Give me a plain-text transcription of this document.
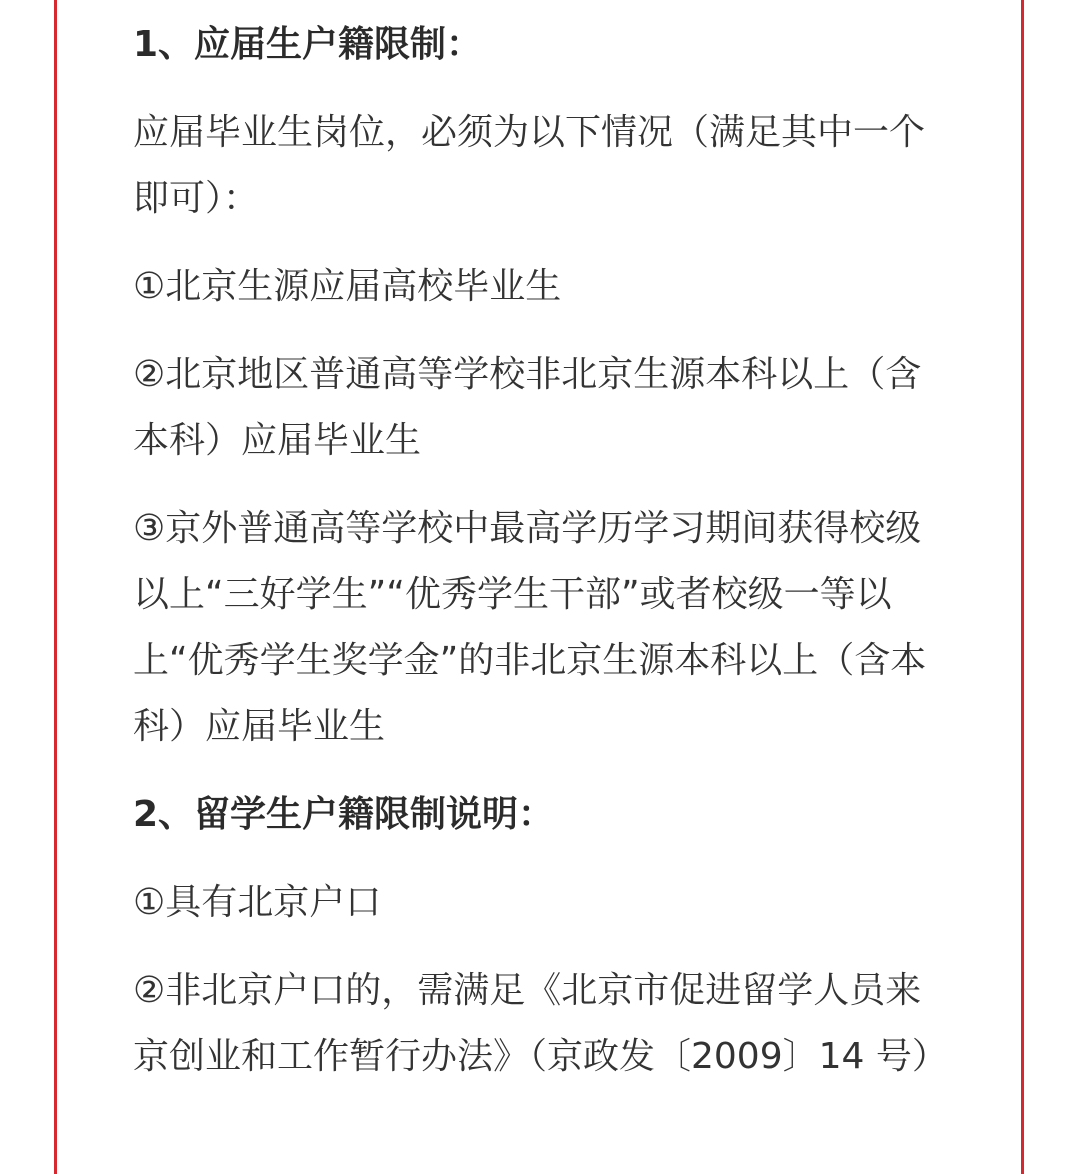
1、应届生户籍限制：

应届毕业生岗位，必须为以下情况（满足其中一个即可）：

①北京生源应届高校毕业生

②北京地区普通高等学校非北京生源本科以上（含本科）应届毕业生

③京外普通高等学校中最高学历学习期间获得校级以上“三好学生”“优秀学生干部”或者校级一等以上“优秀学生奖学金”的非北京生源本科以上（含本科）应届毕业生

2、留学生户籍限制说明：

①具有北京户口

②非北京户口的，需满足《北京市促进留学人员来京创业和工作暂行办法》（京政发〔2009〕14 号）
